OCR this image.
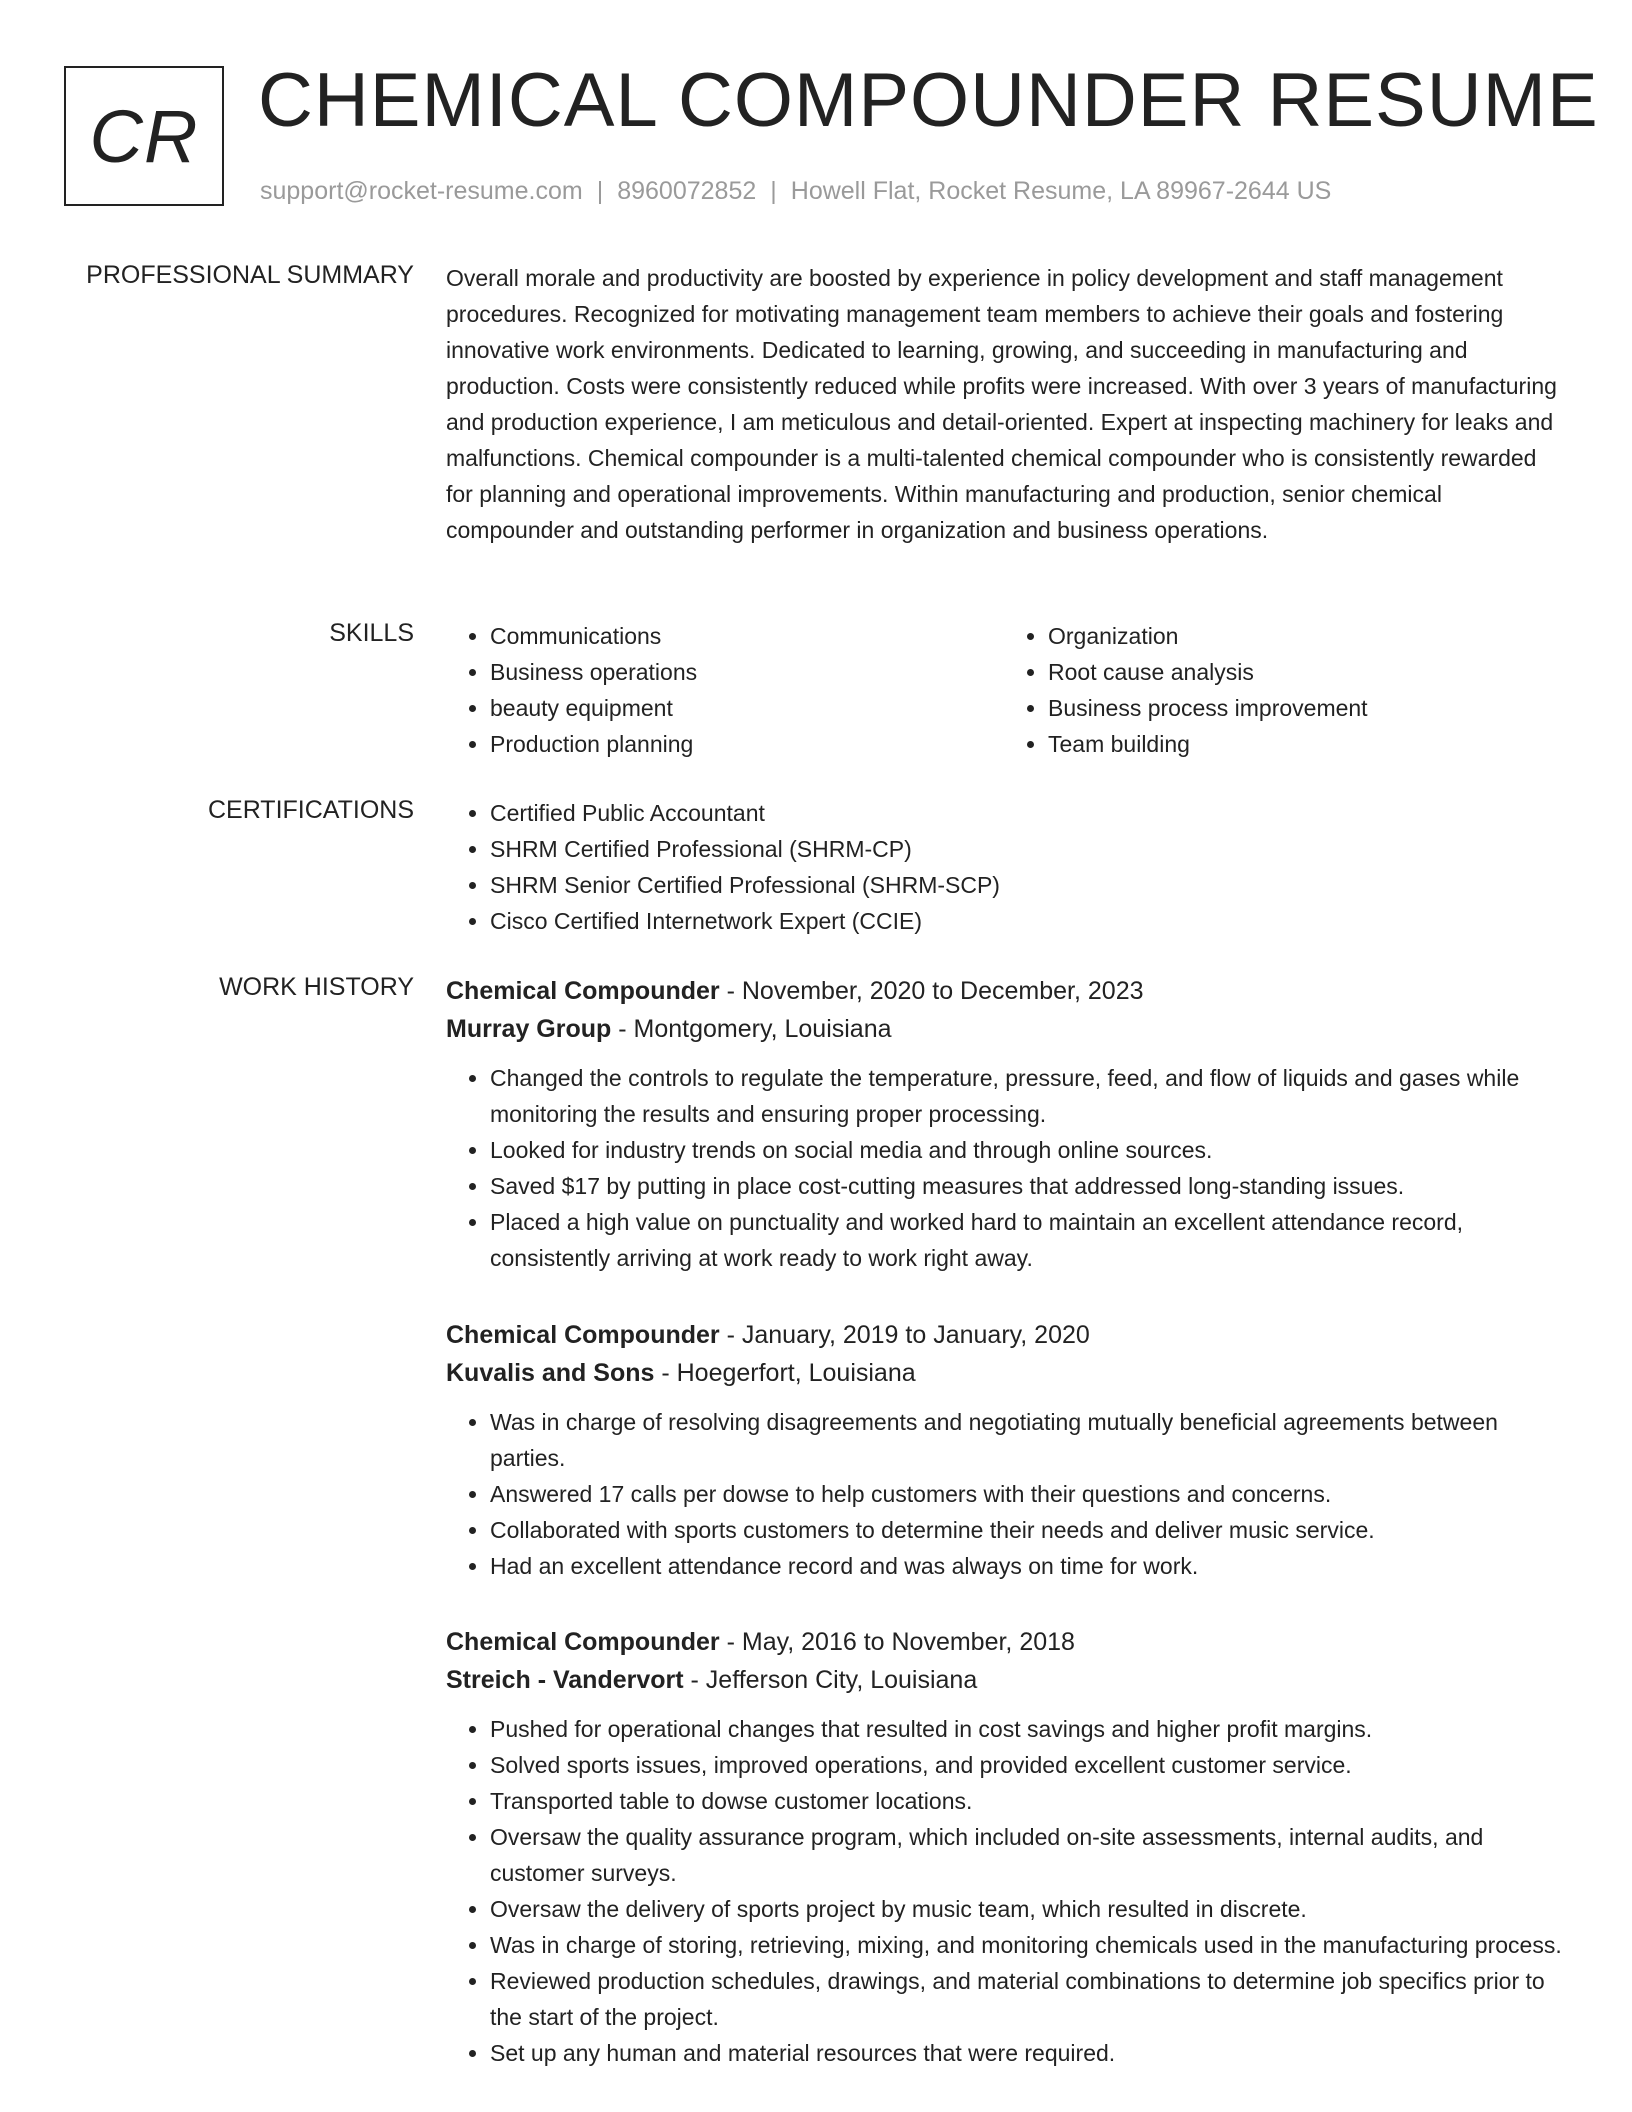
CR CHEMICAL COMPOUNDER RESUME
support@rocket-resume.com | 8960072852 | Howell Flat, Rocket Resume, LA 89967-2644 US
PROFESSIONAL SUMMARY Overall morale and productivity are boosted by experience in policy development and staff management procedures. Recognized for motivating management team members to achieve their goals and fostering innovative work environments. Dedicated to learning, growing, and succeeding in manufacturing and production. Costs were consistently reduced while profits were increased. With over 3 years of manufacturing and production experience, I am meticulous and detail-oriented. Expert at inspecting machinery for leaks and malfunctions. Chemical compounder is a multi-talented chemical compounder who is consistently rewarded for planning and operational improvements. Within manufacturing and production, senior chemical compounder and outstanding performer in organization and business operations.

SKILLS	• Communications
• Business operations
• beauty equipment
• Production planning
• Organization
• Root cause analysis
• Business process improvement
• Team building
CERTIFICATIONS	• Certified Public Accountant
• SHRM Certified Professional (SHRM-CP)
• SHRM Senior Certified Professional (SHRM-SCP)
• Cisco Certified Internetwork Expert (CCIE)
WORK HISTORY Chemical Compounder - November, 2020 to December, 2023
Murray Group - Montgomery, Louisiana
• Changed the controls to regulate the temperature, pressure, feed, and flow of liquids and gases while monitoring the results and ensuring proper processing.
• Looked for industry trends on social media and through online sources.
• Saved $17 by putting in place cost-cutting measures that addressed long-standing issues.
• Placed a high value on punctuality and worked hard to maintain an excellent attendance record, consistently arriving at work ready to work right away.
Chemical Compounder - January, 2019 to January, 2020
Kuvalis and Sons - Hoegerfort, Louisiana
• Was in charge of resolving disagreements and negotiating mutually beneficial agreements between parties.
• Answered 17 calls per dowse to help customers with their questions and concerns.
• Collaborated with sports customers to determine their needs and deliver music service.
• Had an excellent attendance record and was always on time for work.
Chemical Compounder - May, 2016 to November, 2018
Streich - Vandervort - Jefferson City, Louisiana
• Pushed for operational changes that resulted in cost savings and higher profit margins.
• Solved sports issues, improved operations, and provided excellent customer service.
• Transported table to dowse customer locations.
• Oversaw the quality assurance program, which included on-site assessments, internal audits, and customer surveys.
• Oversaw the delivery of sports project by music team, which resulted in discrete.
• Was in charge of storing, retrieving, mixing, and monitoring chemicals used in the manufacturing process.
• Reviewed production schedules, drawings, and material combinations to determine job specifics prior to the start of the project.
• Set up any human and material resources that were required.
